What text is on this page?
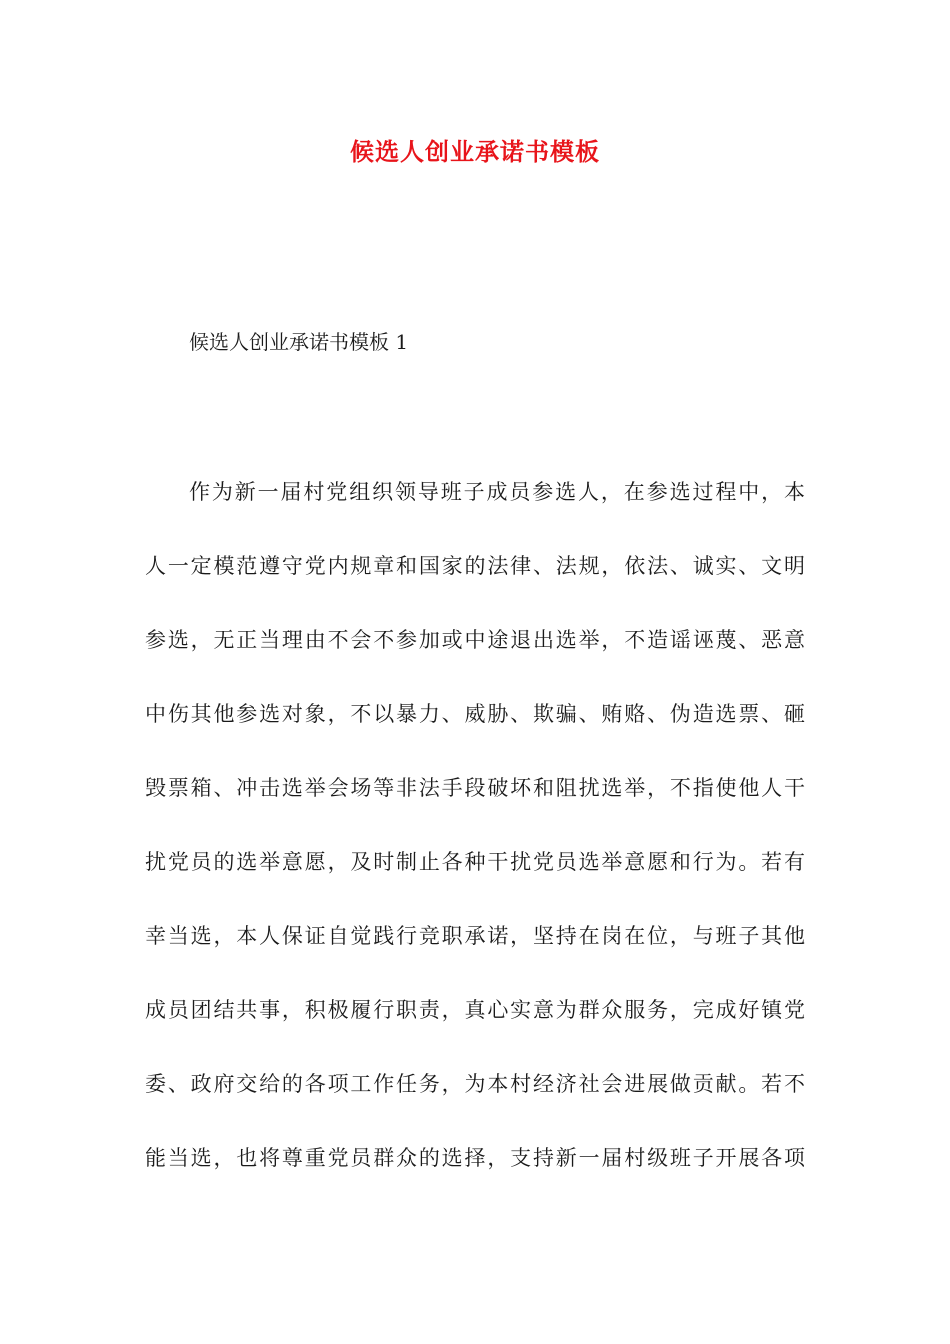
候选人创业承诺书模板
候选人创业承诺书模板 1
作为新一届村党组织领导班子成员参选人，在参选过程中，本
人一定模范遵守党内规章和国家的法律、法规，依法、诚实、文明
参选，无正当理由不会不参加或中途退出选举，不造谣诬蔑、恶意
中伤其他参选对象，不以暴力、威胁、欺骗、贿赂、伪造选票、砸
毁票箱、冲击选举会场等非法手段破坏和阻扰选举，不指使他人干
扰党员的选举意愿，及时制止各种干扰党员选举意愿和行为。若有
幸当选，本人保证自觉践行竞职承诺，坚持在岗在位，与班子其他
成员团结共事，积极履行职责，真心实意为群众服务，完成好镇党
委、政府交给的各项工作任务，为本村经济社会进展做贡献。若不
能当选，也将尊重党员群众的选择，支持新一届村级班子开展各项
